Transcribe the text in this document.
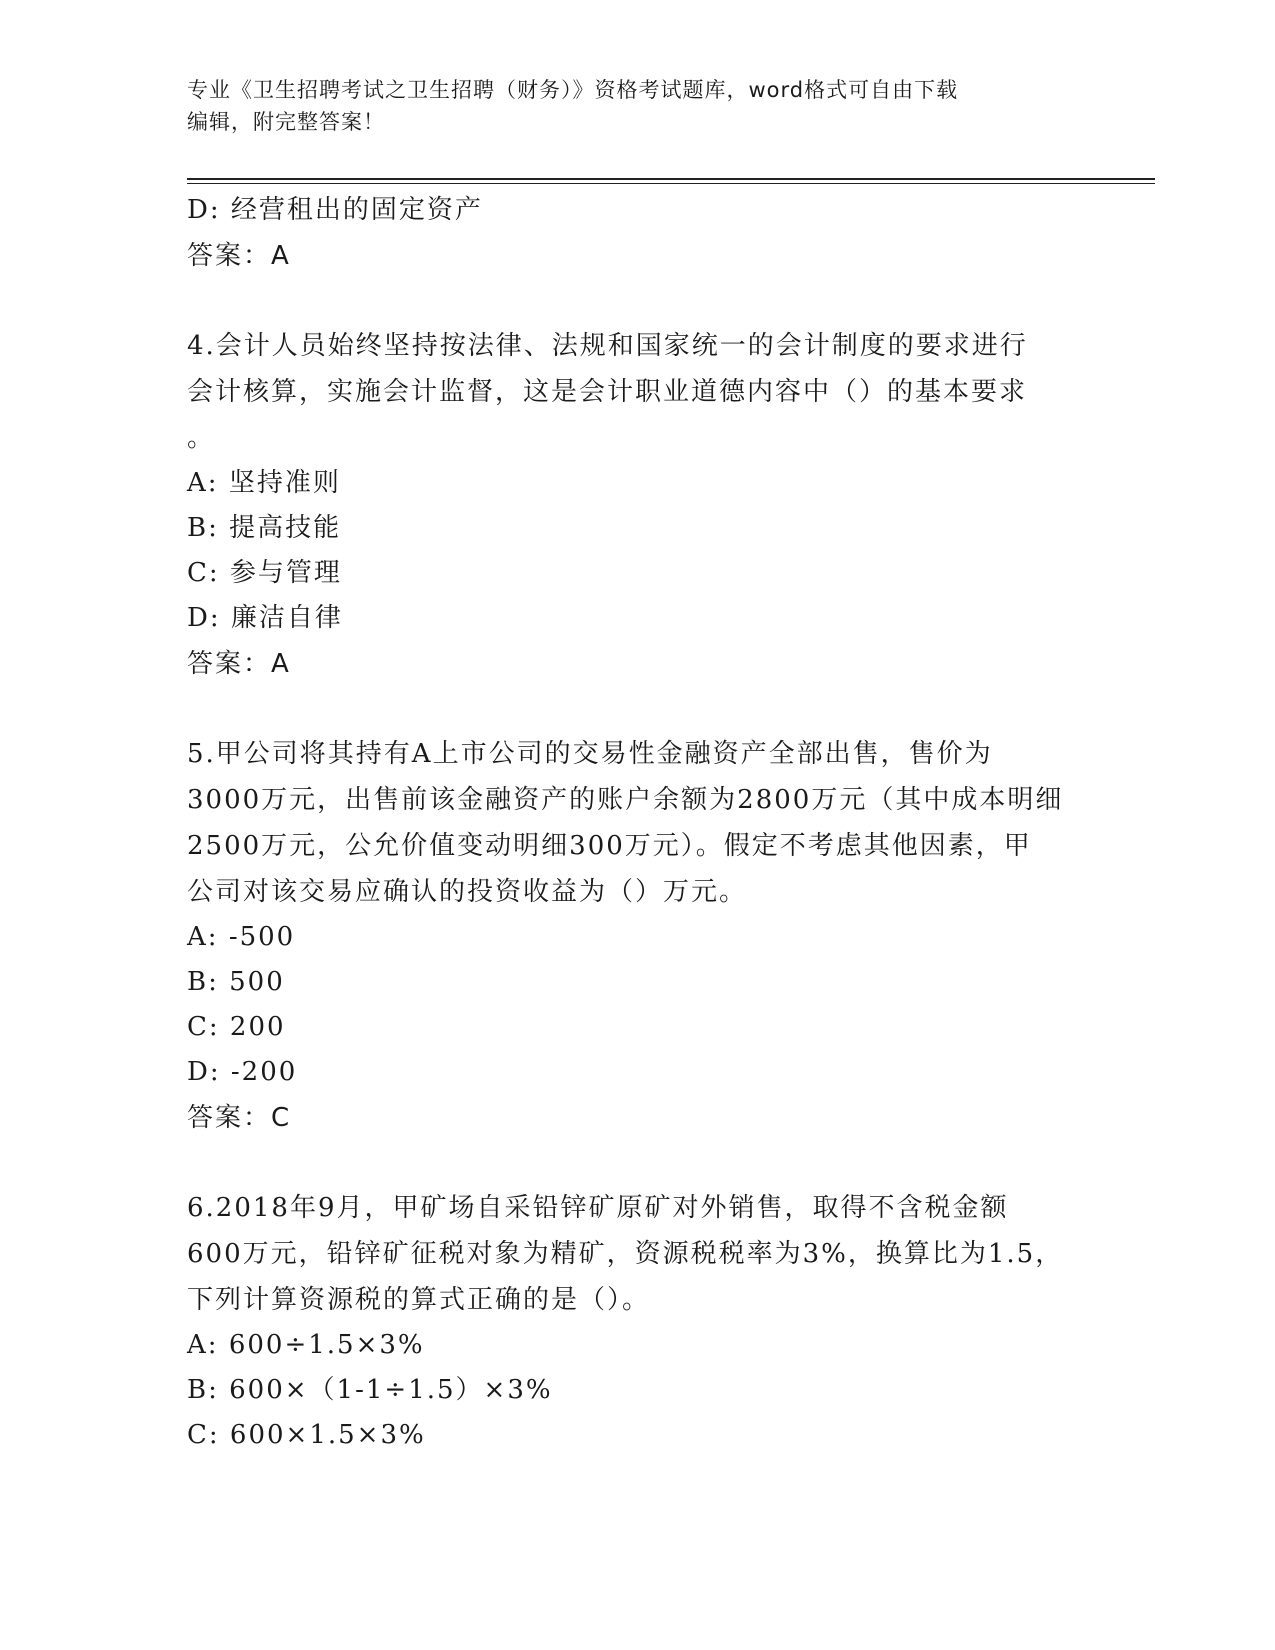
专业《卫生招聘考试之卫生招聘（财务）》资格考试题库，word格式可自由下载
编辑，附完整答案！
D: 经营租出的固定资产
答案：A
4.会计人员始终坚持按法律、法规和国家统一的会计制度的要求进行
会计核算，实施会计监督，这是会计职业道德内容中（）的基本要求
。
A: 坚持准则
B: 提高技能
C: 参与管理
D: 廉洁自律
答案：A
5.甲公司将其持有A上市公司的交易性金融资产全部出售，售价为
3000万元，出售前该金融资产的账户余额为2800万元（其中成本明细
2500万元，公允价值变动明细300万元）。假定不考虑其他因素，甲
公司对该交易应确认的投资收益为（）万元。
A: -500
B: 500
C: 200
D: -200
答案：C
6.2018年9月，甲矿场自采铅锌矿原矿对外销售，取得不含税金额
600万元，铅锌矿征税对象为精矿，资源税税率为3%，换算比为1.5，
下列计算资源税的算式正确的是（）。
A: 600÷1.5×3%
B: 600×（1-1÷1.5）×3%
C: 600×1.5×3%
